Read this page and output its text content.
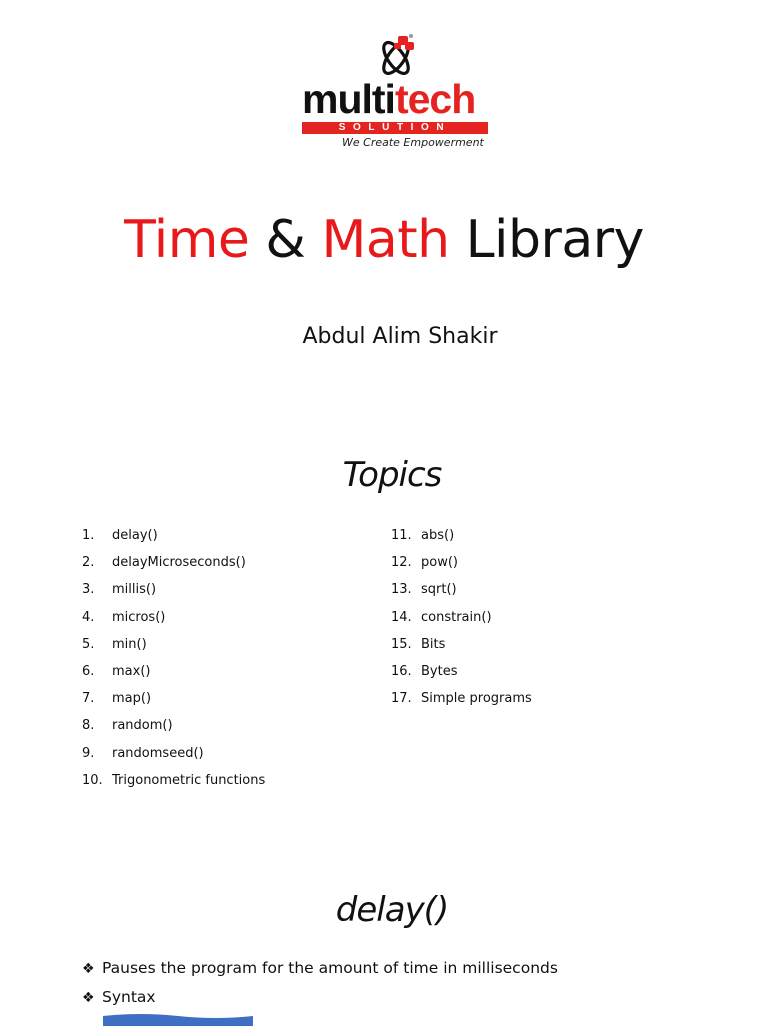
multitech
SOLUTION
We Create Empowerment
Time & Math Library
Abdul Alim Shakir
Topics
1.	delay()
2.	delayMicroseconds()
3.	millis()
4.	micros()
5.	min()
6.	max()
7.	map()
8.	random()
9.	randomseed()
10. Trigonometric functions
11. abs()
12. pow()
13. sqrt()
14. constrain()
15. Bits
16. Bytes
17. Simple programs
delay()
❖ Pauses the program for the amount of time in milliseconds
❖ Syntax
